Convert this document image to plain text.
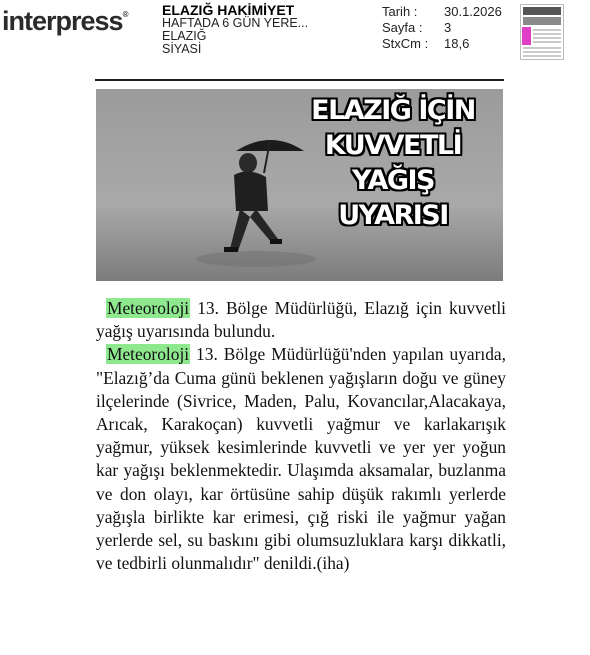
interpress® ELAZIĞ HAKİMİYET
HAFTADA 6 GÜN YERE...
ELAZIĞ
SİYASİ
Tarih :	30.1.2026
Sayfa :	3
StxCm :	18,6
ELAZIĞ İÇİN
KUVVETLİ YAĞIŞ
UYARISI

Meteoroloji 13. Bölge Müdürlüğü, Elazığ için kuvvetli yağış uyarısında bulundu.

Meteoroloji 13. Bölge Müdürlüğü'nden yapılan uyarıda, "Elazığ’da Cuma günü beklenen yağışların doğu ve güney ilçelerinde (Sivrice, Maden, Palu, Kovancılar,Alacakaya, Arıcak, Karakoçan) kuvvetli yağmur ve karlakarışık yağmur, yüksek kesimlerinde kuvvetli ve yer yer yoğun kar yağışı beklenmektedir. Ulaşımda aksamalar, buzlanma ve don olayı, kar örtüsüne sahip düşük rakımlı yerlerde yağışla birlikte kar erimesi, çığ riski ile yağmur yağan yerlerde sel, su baskını gibi olumsuzluklara karşı dikkatli, ve tedbirli olunmalıdır" denildi.(iha)
